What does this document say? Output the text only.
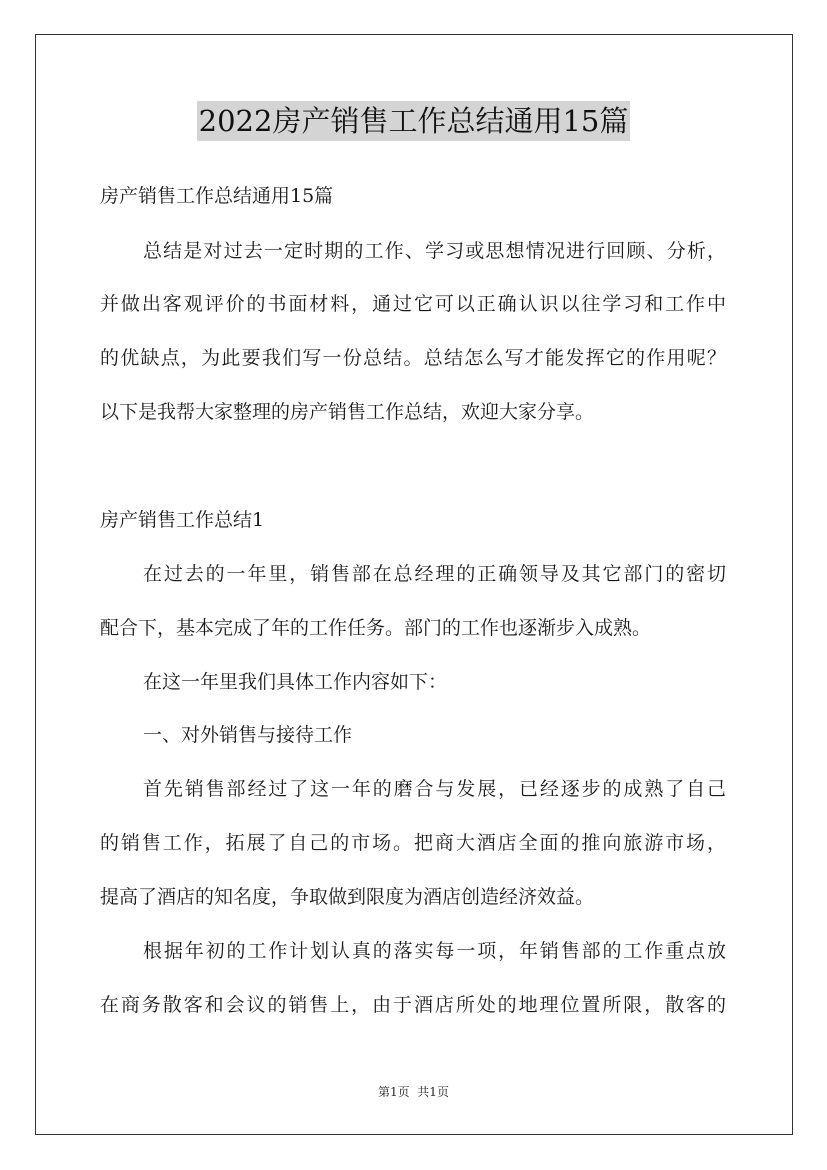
2022房产销售工作总结通用15篇
房产销售工作总结通用15篇
总结是对过去一定时期的工作、学习或思想情况进行回顾、分析，
并做出客观评价的书面材料，通过它可以正确认识以往学习和工作中
的优缺点，为此要我们写一份总结。总结怎么写才能发挥它的作用呢？
以下是我帮大家整理的房产销售工作总结，欢迎大家分享。
房产销售工作总结1
在过去的一年里，销售部在总经理的正确领导及其它部门的密切
配合下，基本完成了年的工作任务。部门的工作也逐渐步入成熟。
在这一年里我们具体工作内容如下：
一、对外销售与接待工作
首先销售部经过了这一年的磨合与发展，已经逐步的成熟了自己
的销售工作，拓展了自己的市场。把商大酒店全面的推向旅游市场，
提高了酒店的知名度，争取做到限度为酒店创造经济效益。
根据年初的工作计划认真的落实每一项，年销售部的工作重点放
在商务散客和会议的销售上，由于酒店所处的地理位置所限，散客的
第1页  共1页
